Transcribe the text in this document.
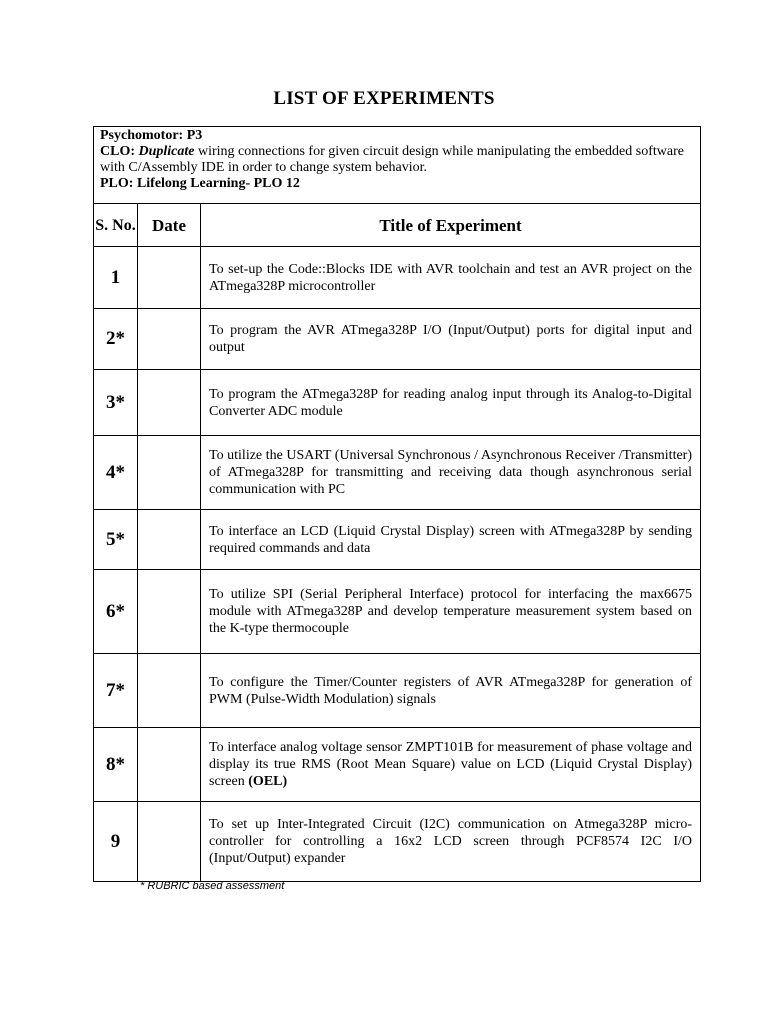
LIST OF EXPERIMENTS
Psychomotor: P3
CLO: Duplicate wiring connections for given circuit design while manipulating the embedded software with C/Assembly IDE in order to change system behavior.
PLO: Lifelong Learning- PLO 12		

S. No.	Date	Title of Experiment
1		To set-up the Code::Blocks IDE with AVR toolchain and test an AVR project on the ATmega328P microcontroller
2*		To program the AVR ATmega328P I/O (Input/Output) ports for digital input and output
3*		To program the ATmega328P for reading analog input through its Analog-to-Digital Converter ADC module
4*		To utilize the USART (Universal Synchronous / Asynchronous Receiver /Transmitter) of ATmega328P for transmitting and receiving data though asynchronous serial communication with PC
5*		To interface an LCD (Liquid Crystal Display) screen with ATmega328P by sending required commands and data
6*		To utilize SPI (Serial Peripheral Interface) protocol for interfacing the max6675 module with ATmega328P and develop temperature measurement system based on the K-type thermocouple
7*		To configure the Timer/Counter registers of AVR ATmega328P for generation of PWM (Pulse-Width Modulation) signals
8*		To interface analog voltage sensor ZMPT101B for measurement of phase voltage and display its true RMS (Root Mean Square) value on LCD (Liquid Crystal Display) screen (OEL)
9		To set up Inter-Integrated Circuit (I2C) communication on Atmega328P micro-controller for controlling a 16x2 LCD screen through PCF8574 I2C I/O (Input/Output) expander
* RUBRIC based assessment
